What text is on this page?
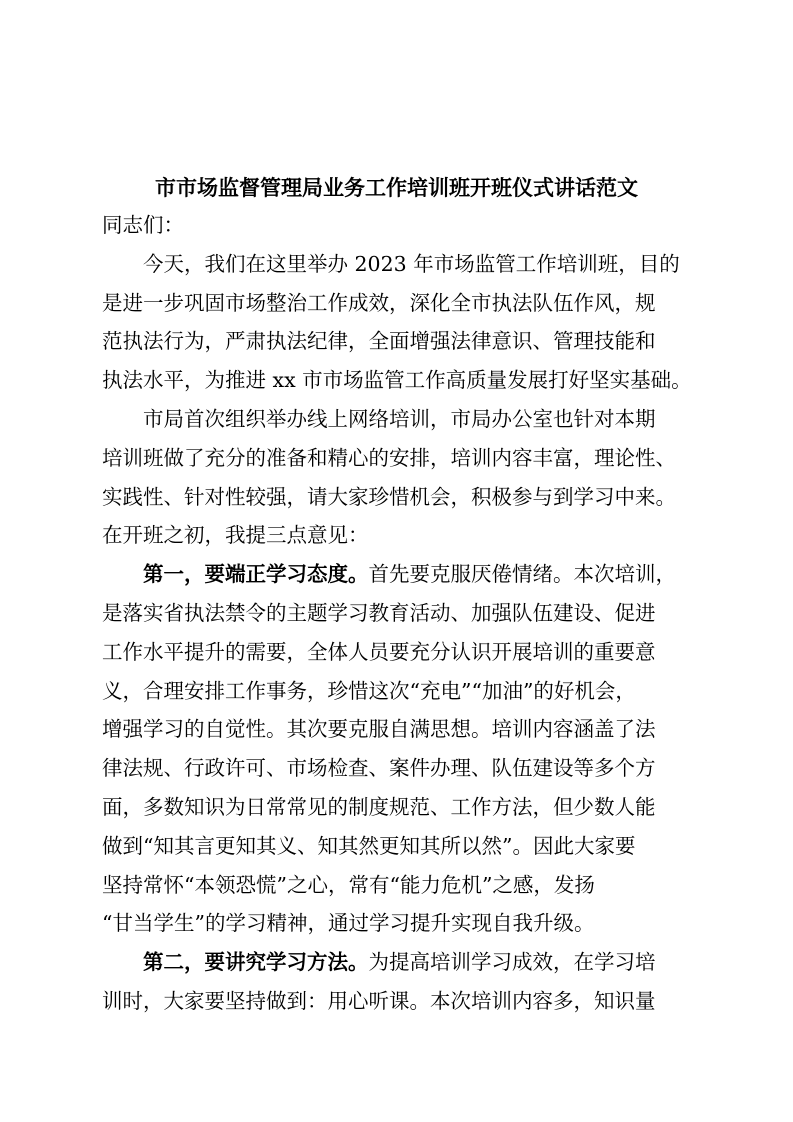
市市场监督管理局业务工作培训班开班仪式讲话范文
同志们：
今天，我们在这里举办 2023 年市场监管工作培训班，目的
是进一步巩固市场整治工作成效，深化全市执法队伍作风，规
范执法行为，严肃执法纪律，全面增强法律意识、管理技能和
执法水平，为推进 xx 市市场监管工作高质量发展打好坚实基础。
市局首次组织举办线上网络培训，市局办公室也针对本期
培训班做了充分的准备和精心的安排，培训内容丰富，理论性、
实践性、针对性较强，请大家珍惜机会，积极参与到学习中来。
在开班之初，我提三点意见：
第一，要端正学习态度。首先要克服厌倦情绪。本次培训，
是落实省执法禁令的主题学习教育活动、加强队伍建设、促进
工作水平提升的需要，全体人员要充分认识开展培训的重要意
义，合理安排工作事务，珍惜这次“充电”“加油”的好机会，
增强学习的自觉性。其次要克服自满思想。培训内容涵盖了法
律法规、行政许可、市场检查、案件办理、队伍建设等多个方
面，多数知识为日常常见的制度规范、工作方法，但少数人能
做到“知其言更知其义、知其然更知其所以然”。因此大家要
坚持常怀“本领恐慌”之心，常有“能力危机”之感，发扬
“甘当学生”的学习精神，通过学习提升实现自我升级。
第二，要讲究学习方法。为提高培训学习成效，在学习培
训时，大家要坚持做到：用心听课。本次培训内容多，知识量
